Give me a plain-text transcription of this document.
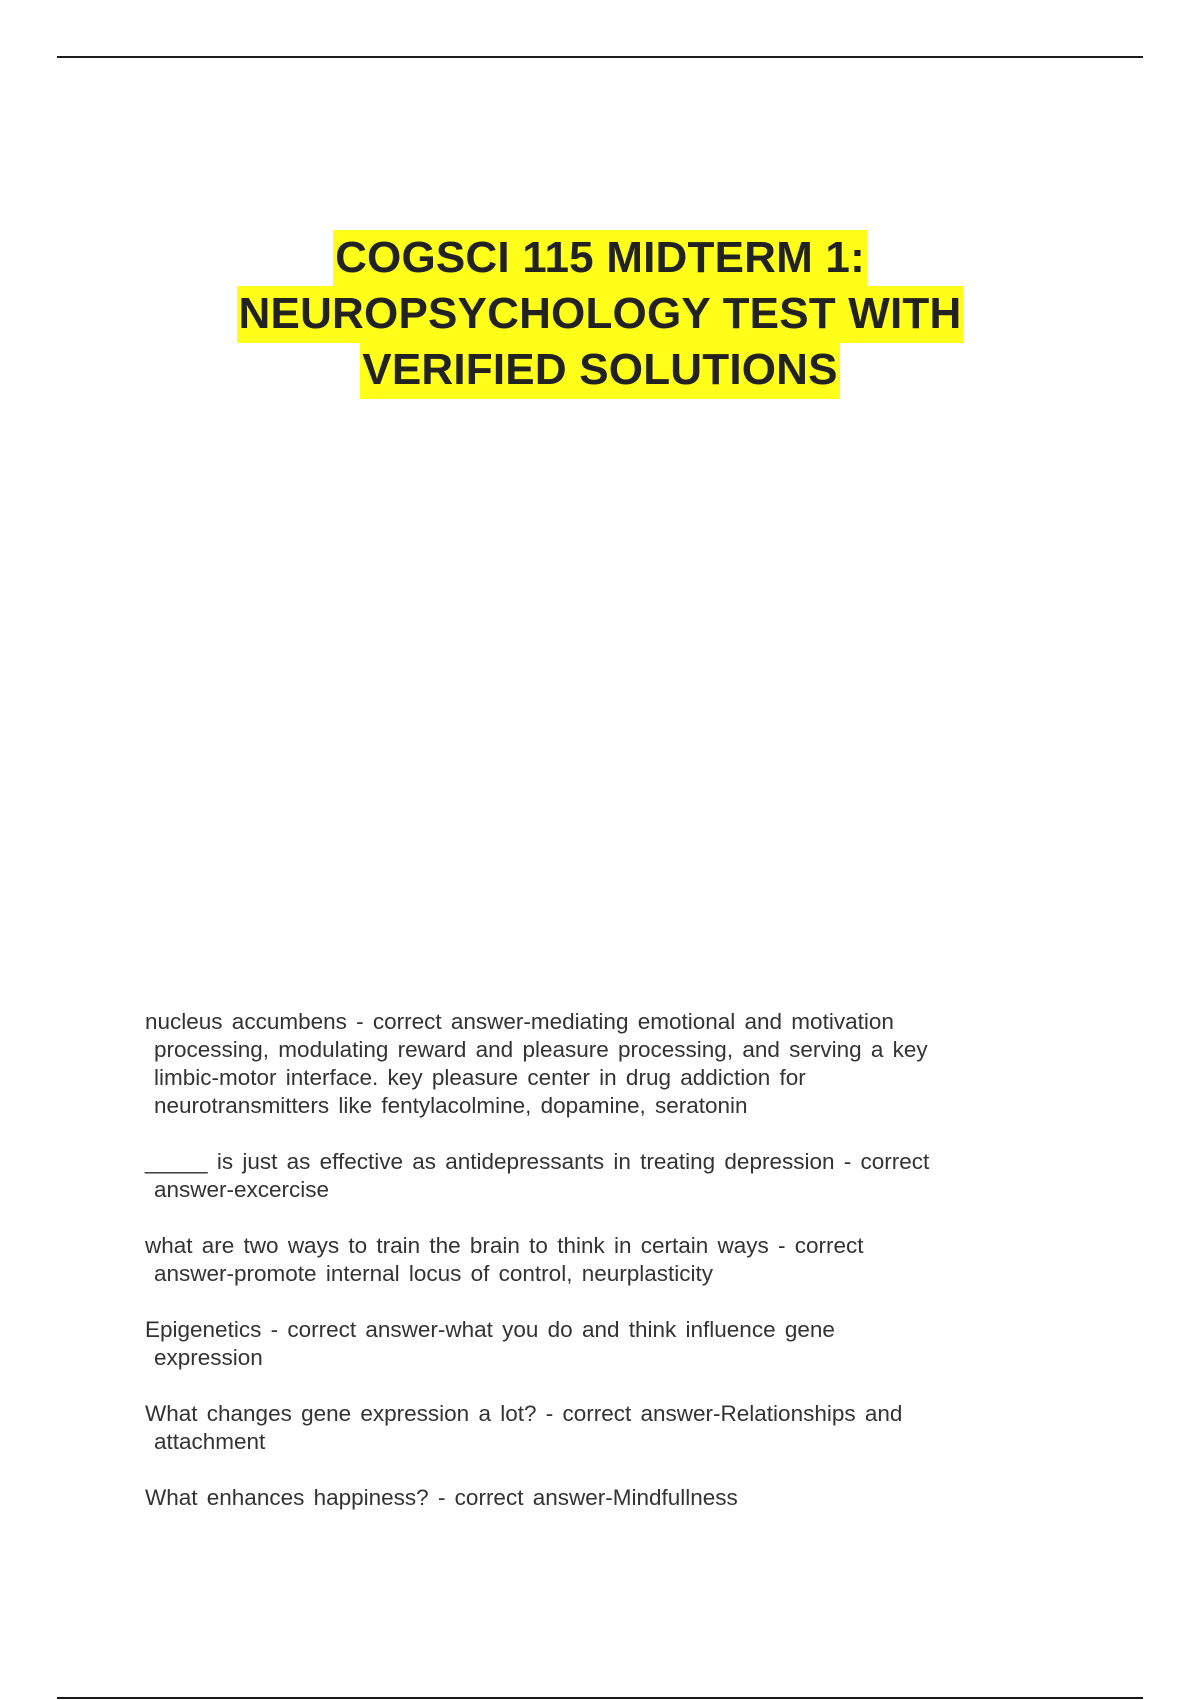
COGSCI 115 MIDTERM 1:
NEUROPSYCHOLOGY TEST WITH
VERIFIED SOLUTIONS
nucleus accumbens - correct answer-mediating emotional and motivation
processing, modulating reward and pleasure processing, and serving a key
limbic-motor interface. key pleasure center in drug addiction for
neurotransmitters like fentylacolmine, dopamine, seratonin
_____ is just as effective as antidepressants in treating depression - correct
answer-excercise
what are two ways to train the brain to think in certain ways - correct
answer-promote internal locus of control, neurplasticity
Epigenetics - correct answer-what you do and think influence gene
expression
What changes gene expression a lot? - correct answer-Relationships and
attachment
What enhances happiness? - correct answer-Mindfullness
